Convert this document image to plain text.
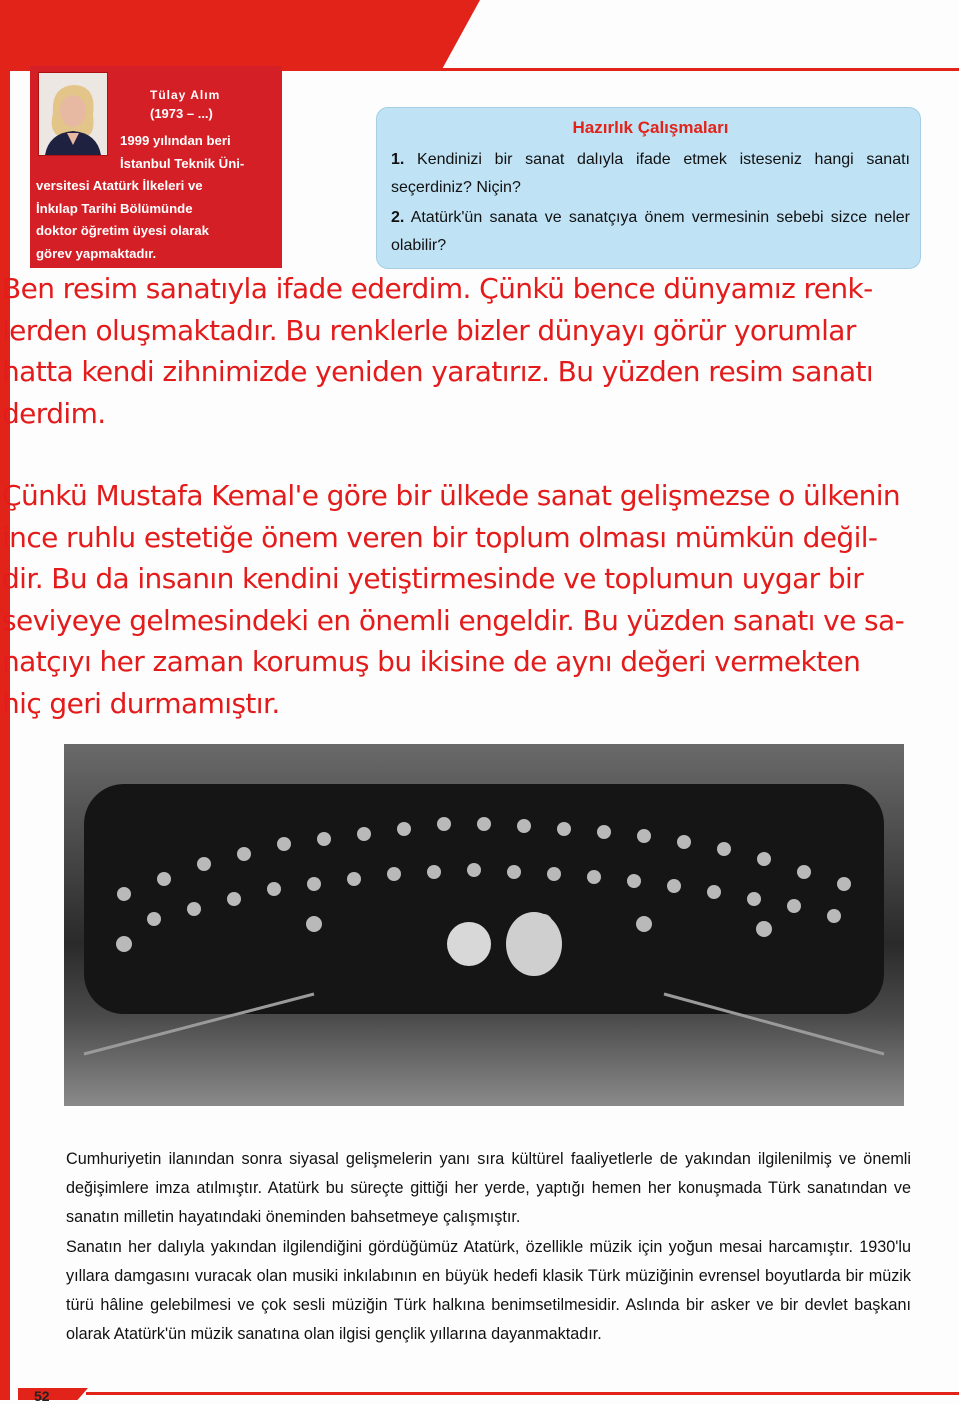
Tülay Alım
(1973 – ...)
1999 yılından beri
İstanbul Teknik Üni-
versitesi Atatürk İlkeleri ve
İnkılap Tarihi Bölümünde
doktor öğretim üyesi olarak
görev yapmaktadır.
Hazırlık Çalışmaları
1. Kendinizi bir sanat dalıyla ifade etmek isteseniz hangi sanatı seçerdiniz? Niçin?
2. Atatürk'ün sanata ve sanatçıya önem vermesinin sebebi sizce neler olabilir?
Ben resim sanatıyla ifade ederdim. Çünkü bence dünyamız renk-
lerden oluşmaktadır. Bu renklerle bizler dünyayı görür yorumlar
hatta kendi zihnimizde yeniden yaratırız. Bu yüzden resim sanatı
derdim.
Çünkü Mustafa Kemal'e göre bir ülkede sanat gelişmezse o ülkenin
ince ruhlu estetiğe önem veren bir toplum olması mümkün değil-
dir. Bu da insanın kendini yetiştirmesinde ve toplumun uygar bir
seviyeye gelmesindeki en önemli engeldir. Bu yüzden sanatı ve sa-
natçıyı her zaman korumuş bu ikisine de aynı değeri vermekten
hiç geri durmamıştır.

Cumhuriyetin ilanından sonra siyasal gelişmelerin yanı sıra kültürel faaliyetlerle de yakından ilgilenilmiş ve önemli değişimlere imza atılmıştır. Atatürk bu süreçte gittiği her yerde, yaptığı hemen her konuşmada Türk sanatından ve sanatın milletin hayatındaki öneminden bahsetmeye çalışmıştır.

Sanatın her dalıyla yakından ilgilendiğini gördüğümüz Atatürk, özellikle müzik için yoğun mesai harcamıştır. 1930'lu yıllara damgasını vuracak olan musiki inkılabının en büyük hedefi klasik Türk müziğinin evrensel boyutlarda bir müzik türü hâline gelebilmesi ve çok sesli müziğin Türk halkına benimsetilmesidir. Aslında bir asker ve bir devlet başkanı olarak Atatürk'ün müzik sanatına olan ilgisi gençlik yıllarına dayanmaktadır.

52
